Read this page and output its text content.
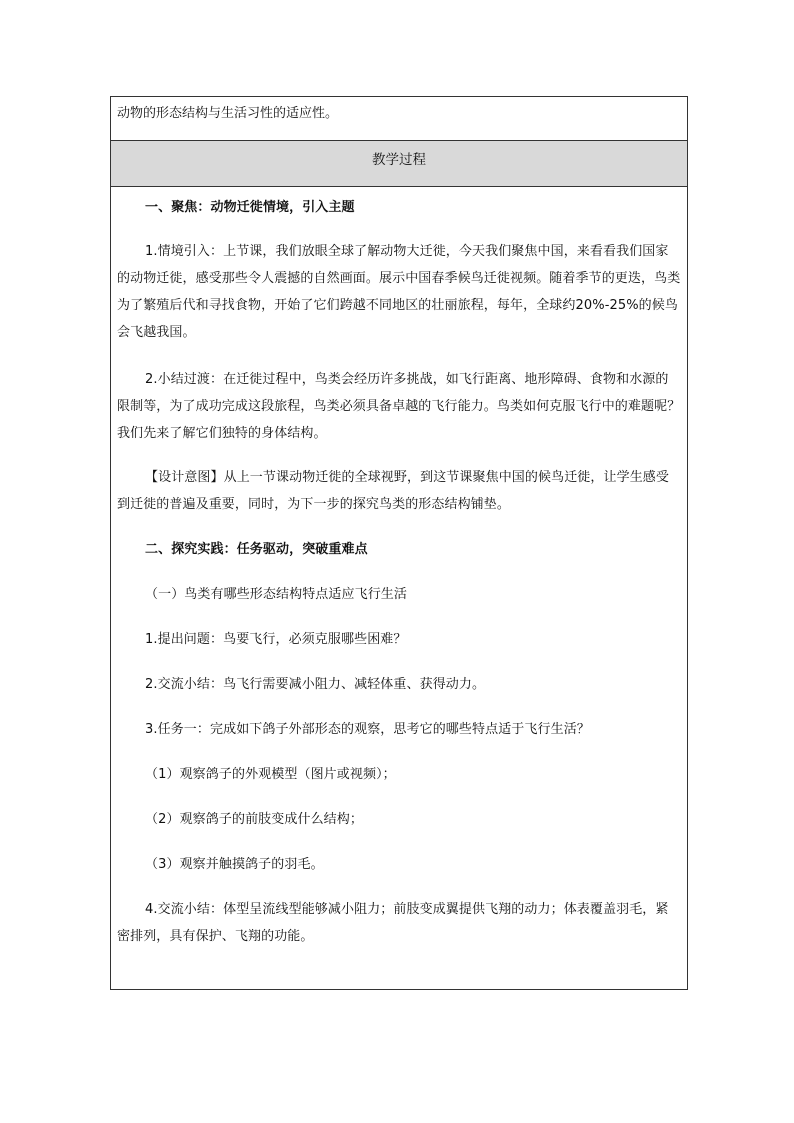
动物的形态结构与生活习性的适应性。
教学过程

一、聚焦：动物迁徙情境，引入主题

1.情境引入：上节课，我们放眼全球了解动物大迁徙，今天我们聚焦中国，来看看我们国家的动物迁徙，感受那些令人震撼的自然画面。展示中国春季候鸟迁徙视频。随着季节的更迭，鸟类为了繁殖后代和寻找食物，开始了它们跨越不同地区的壮丽旅程，每年，全球约20%-25%的候鸟会飞越我国。

2.小结过渡：在迁徙过程中，鸟类会经历许多挑战，如飞行距离、地形障碍、食物和水源的限制等，为了成功完成这段旅程，鸟类必须具备卓越的飞行能力。鸟类如何克服飞行中的难题呢？我们先来了解它们独特的身体结构。

【设计意图】从上一节课动物迁徙的全球视野，到这节课聚焦中国的候鸟迁徙，让学生感受到迁徙的普遍及重要，同时，为下一步的探究鸟类的形态结构铺垫。

二、探究实践：任务驱动，突破重难点

（一）鸟类有哪些形态结构特点适应飞行生活

1.提出问题：鸟要飞行，必须克服哪些困难？

2.交流小结：鸟飞行需要减小阻力、减轻体重、获得动力。

3.任务一：完成如下鸽子外部形态的观察，思考它的哪些特点适于飞行生活？

（1）观察鸽子的外观模型（图片或视频）；

（2）观察鸽子的前肢变成什么结构；

（3）观察并触摸鸽子的羽毛。

4.交流小结：体型呈流线型能够减小阻力；前肢变成翼提供飞翔的动力；体表覆盖羽毛，紧密排列，具有保护、飞翔的功能。
